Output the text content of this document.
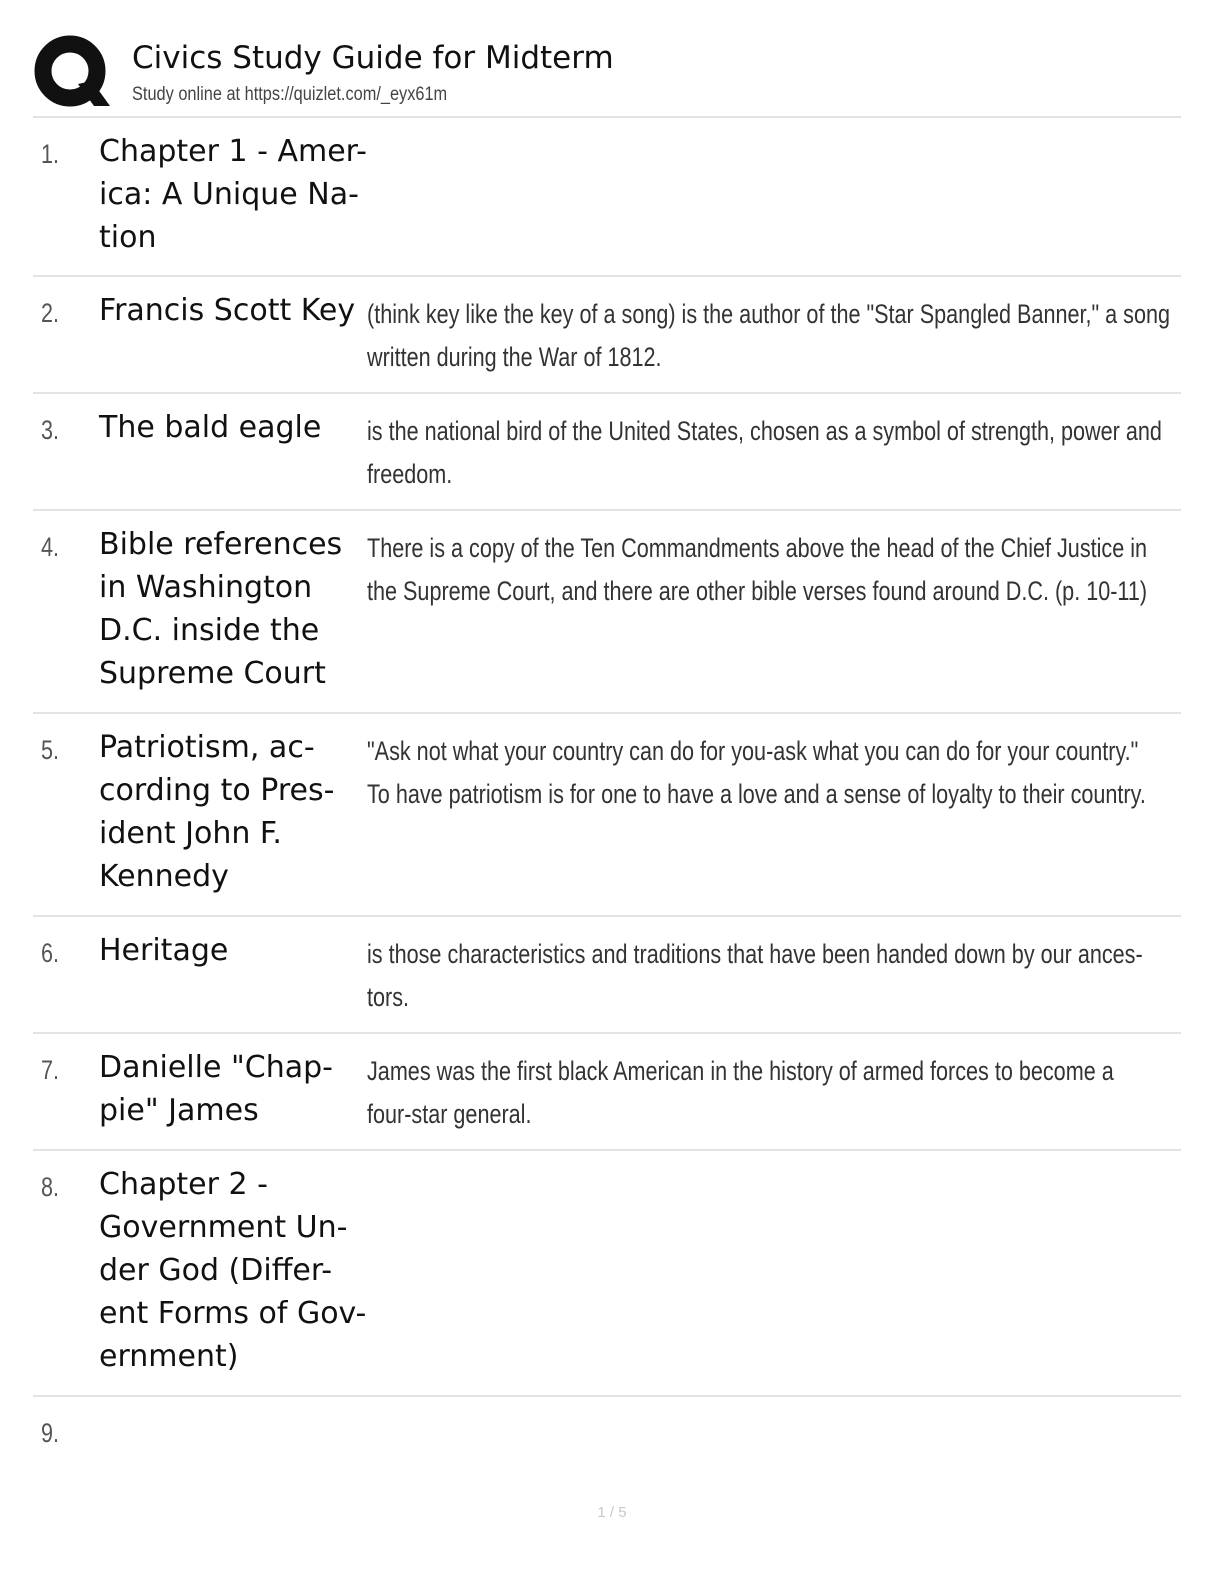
Civics Study Guide for Midterm
Study online at https://quizlet.com/_eyx61m
1. Chapter 1 - Amer-
ica: A Unique Na-
tion
2. Francis Scott Key (think key like the key of a song) is the author of the "Star Spangled Banner," a song
written during the War of 1812.
3. The bald eagle	is the national bird of the United States, chosen as a symbol of strength, power and
freedom.
4. Bible references
in Washington
D.C. inside the
Supreme Court
There is a copy of the Ten Commandments above the head of the Chief Justice in
the Supreme Court, and there are other bible verses found around D.C. (p. 10-11)
5. Patriotism, ac-
cording to Pres-
ident John F.
Kennedy
"Ask not what your country can do for you-ask what you can do for your country."
To have patriotism is for one to have a love and a sense of loyalty to their country.
6. Heritage	is those characteristics and traditions that have been handed down by our ances-
tors.
7. Danielle "Chap-
pie" James
James was the first black American in the history of armed forces to become a
four-star general.
8. Chapter 2 -
Government Un-
der God (Differ-
ent Forms of Gov-
ernment)
9.
1 / 5
